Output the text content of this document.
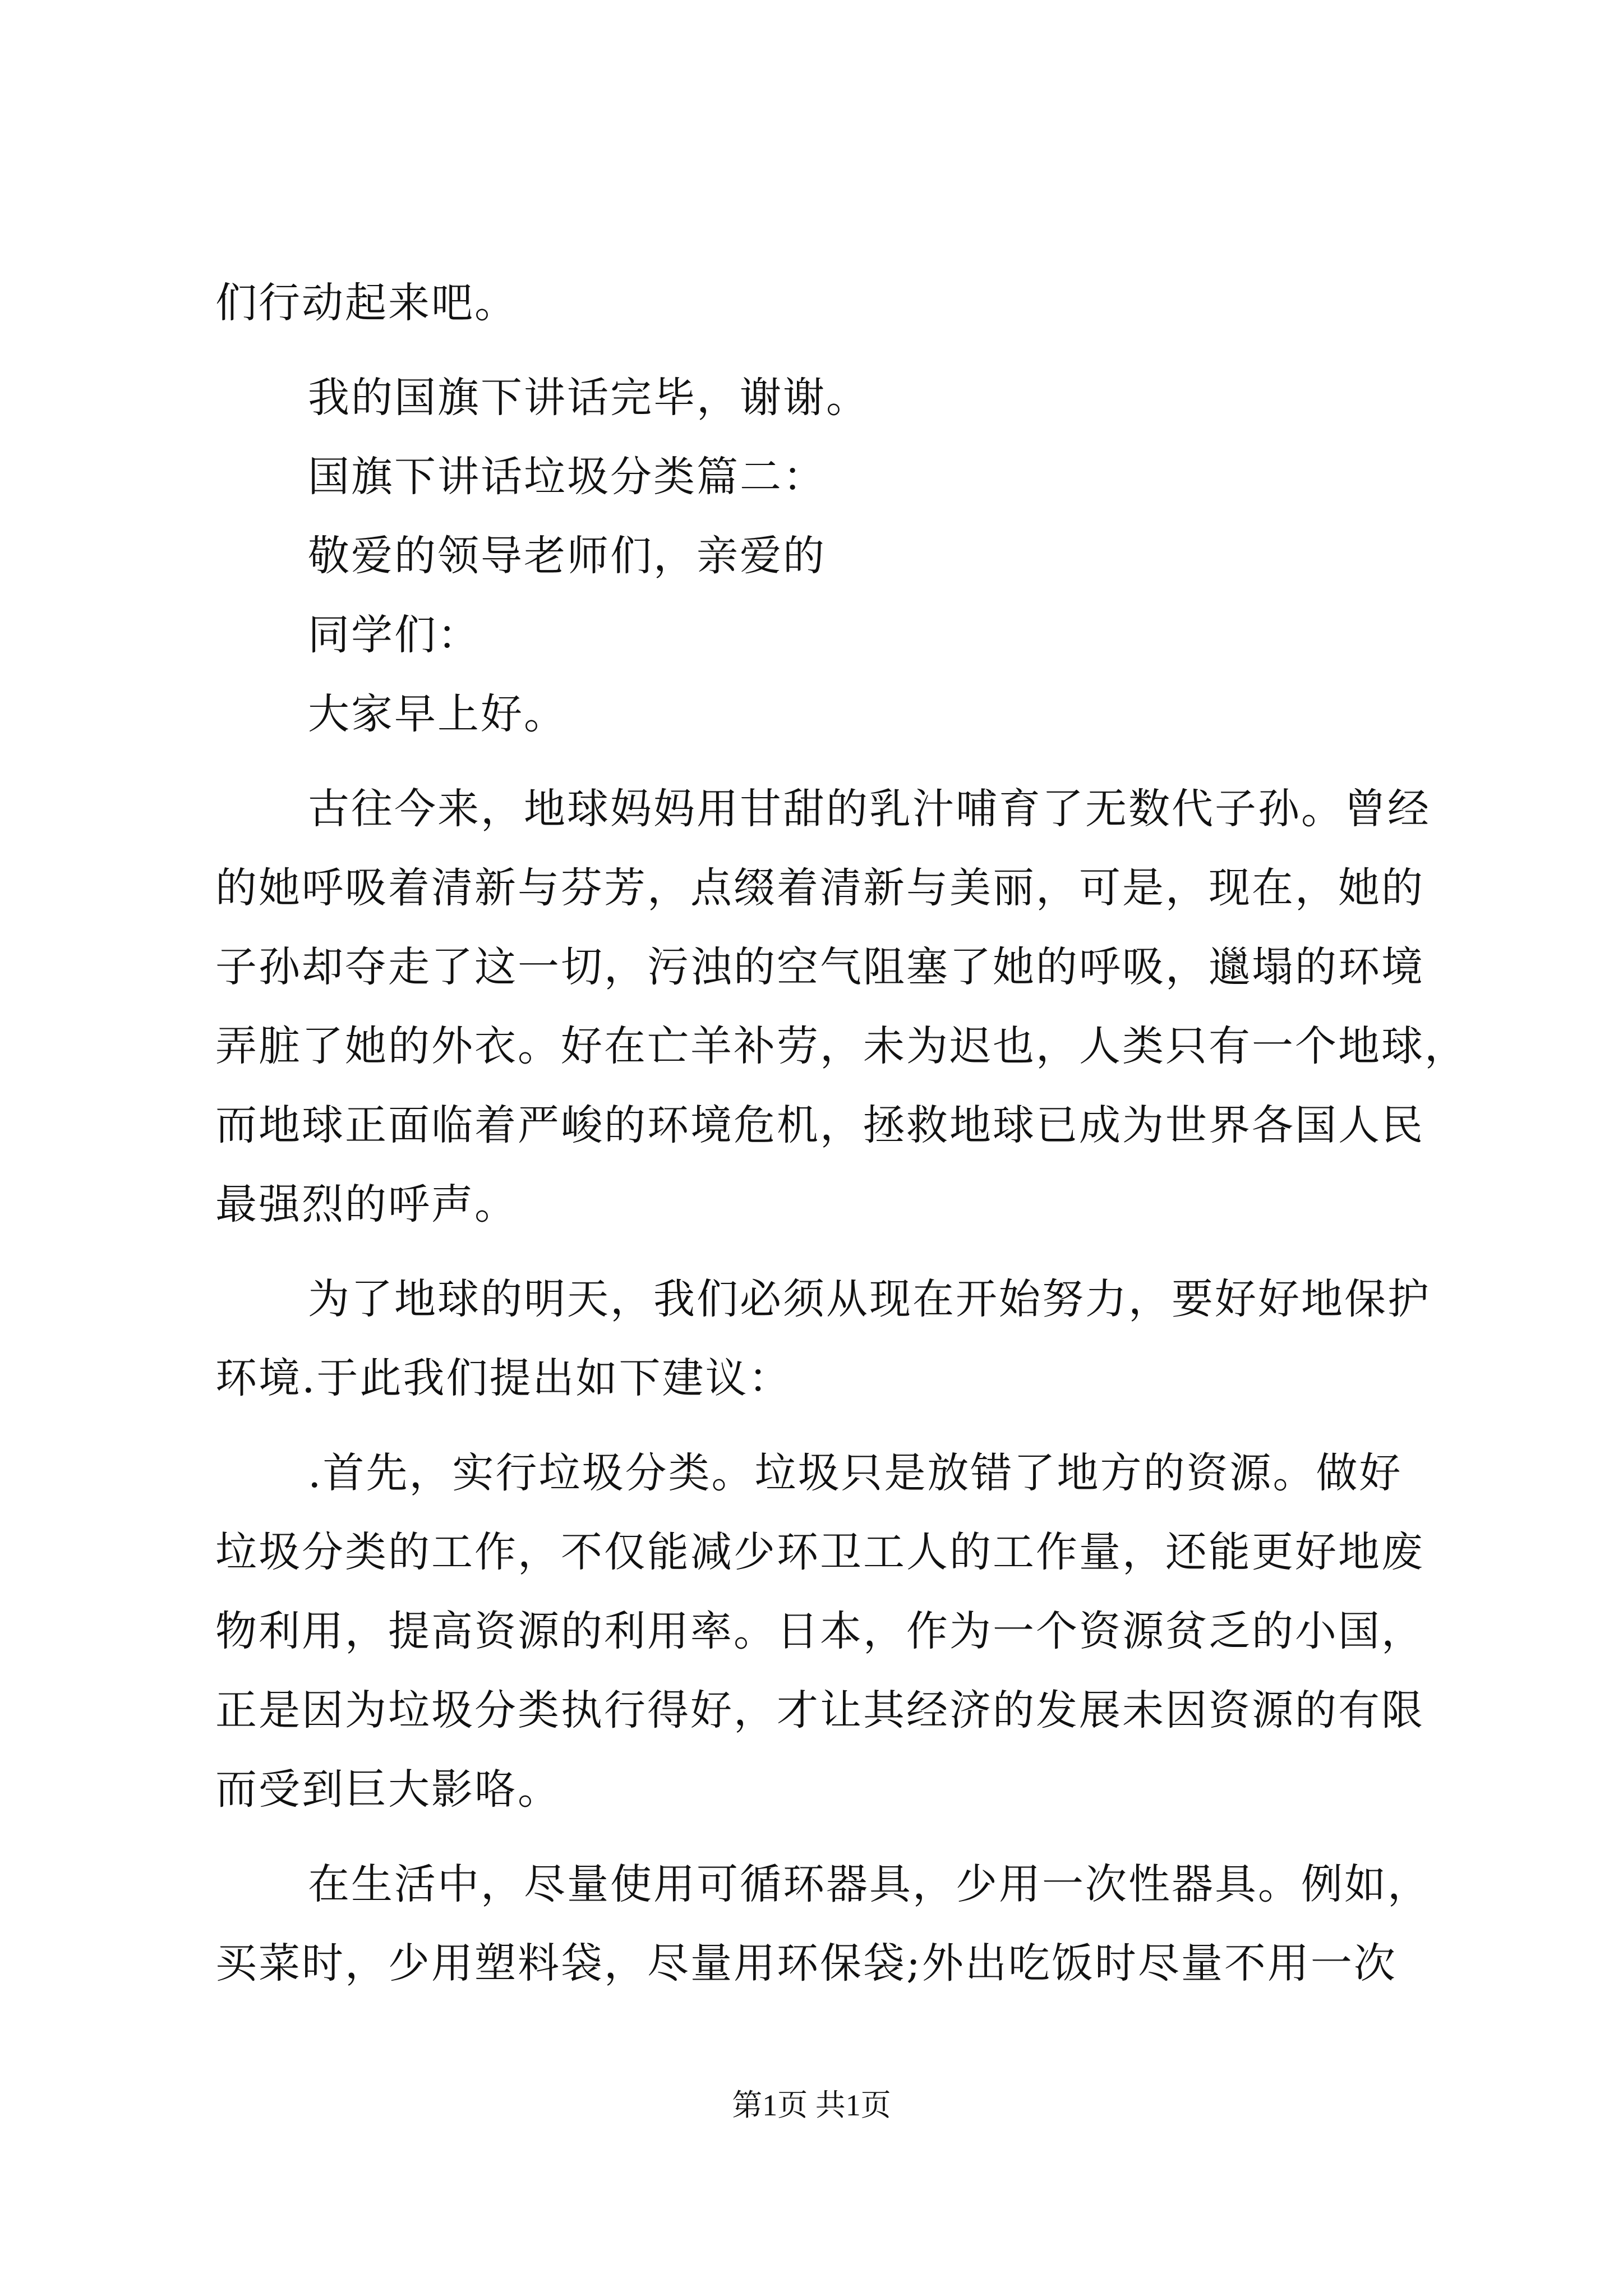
们行动起来吧。
我的国旗下讲话完毕，谢谢。
国旗下讲话垃圾分类篇二：
敬爱的领导老师们，亲爱的
同学们：
大家早上好。
古往今来，地球妈妈用甘甜的乳汁哺育了无数代子孙。曾经
的她呼吸着清新与芬芳，点缀着清新与美丽，可是，现在，她的
子孙却夺走了这一切，污浊的空气阻塞了她的呼吸，邋塌的环境
弄脏了她的外衣。好在亡羊补劳，未为迟也，人类只有一个地球，
而地球正面临着严峻的环境危机，拯救地球已成为世界各国人民
最强烈的呼声。
为了地球的明天，我们必须从现在开始努力，要好好地保护
环境.于此我们提出如下建议：
.首先，实行垃圾分类。垃圾只是放错了地方的资源。做好
垃圾分类的工作，不仅能减少环卫工人的工作量，还能更好地废
物利用，提高资源的利用率。日本，作为一个资源贫乏的小国，
正是因为垃圾分类执行得好，才让其经济的发展未因资源的有限
而受到巨大影咯。
在生活中，尽量使用可循环器具，少用一次性器具。例如，
买菜时，少用塑料袋，尽量用环保袋;外出吃饭时尽量不用一次
第1页 共1页
